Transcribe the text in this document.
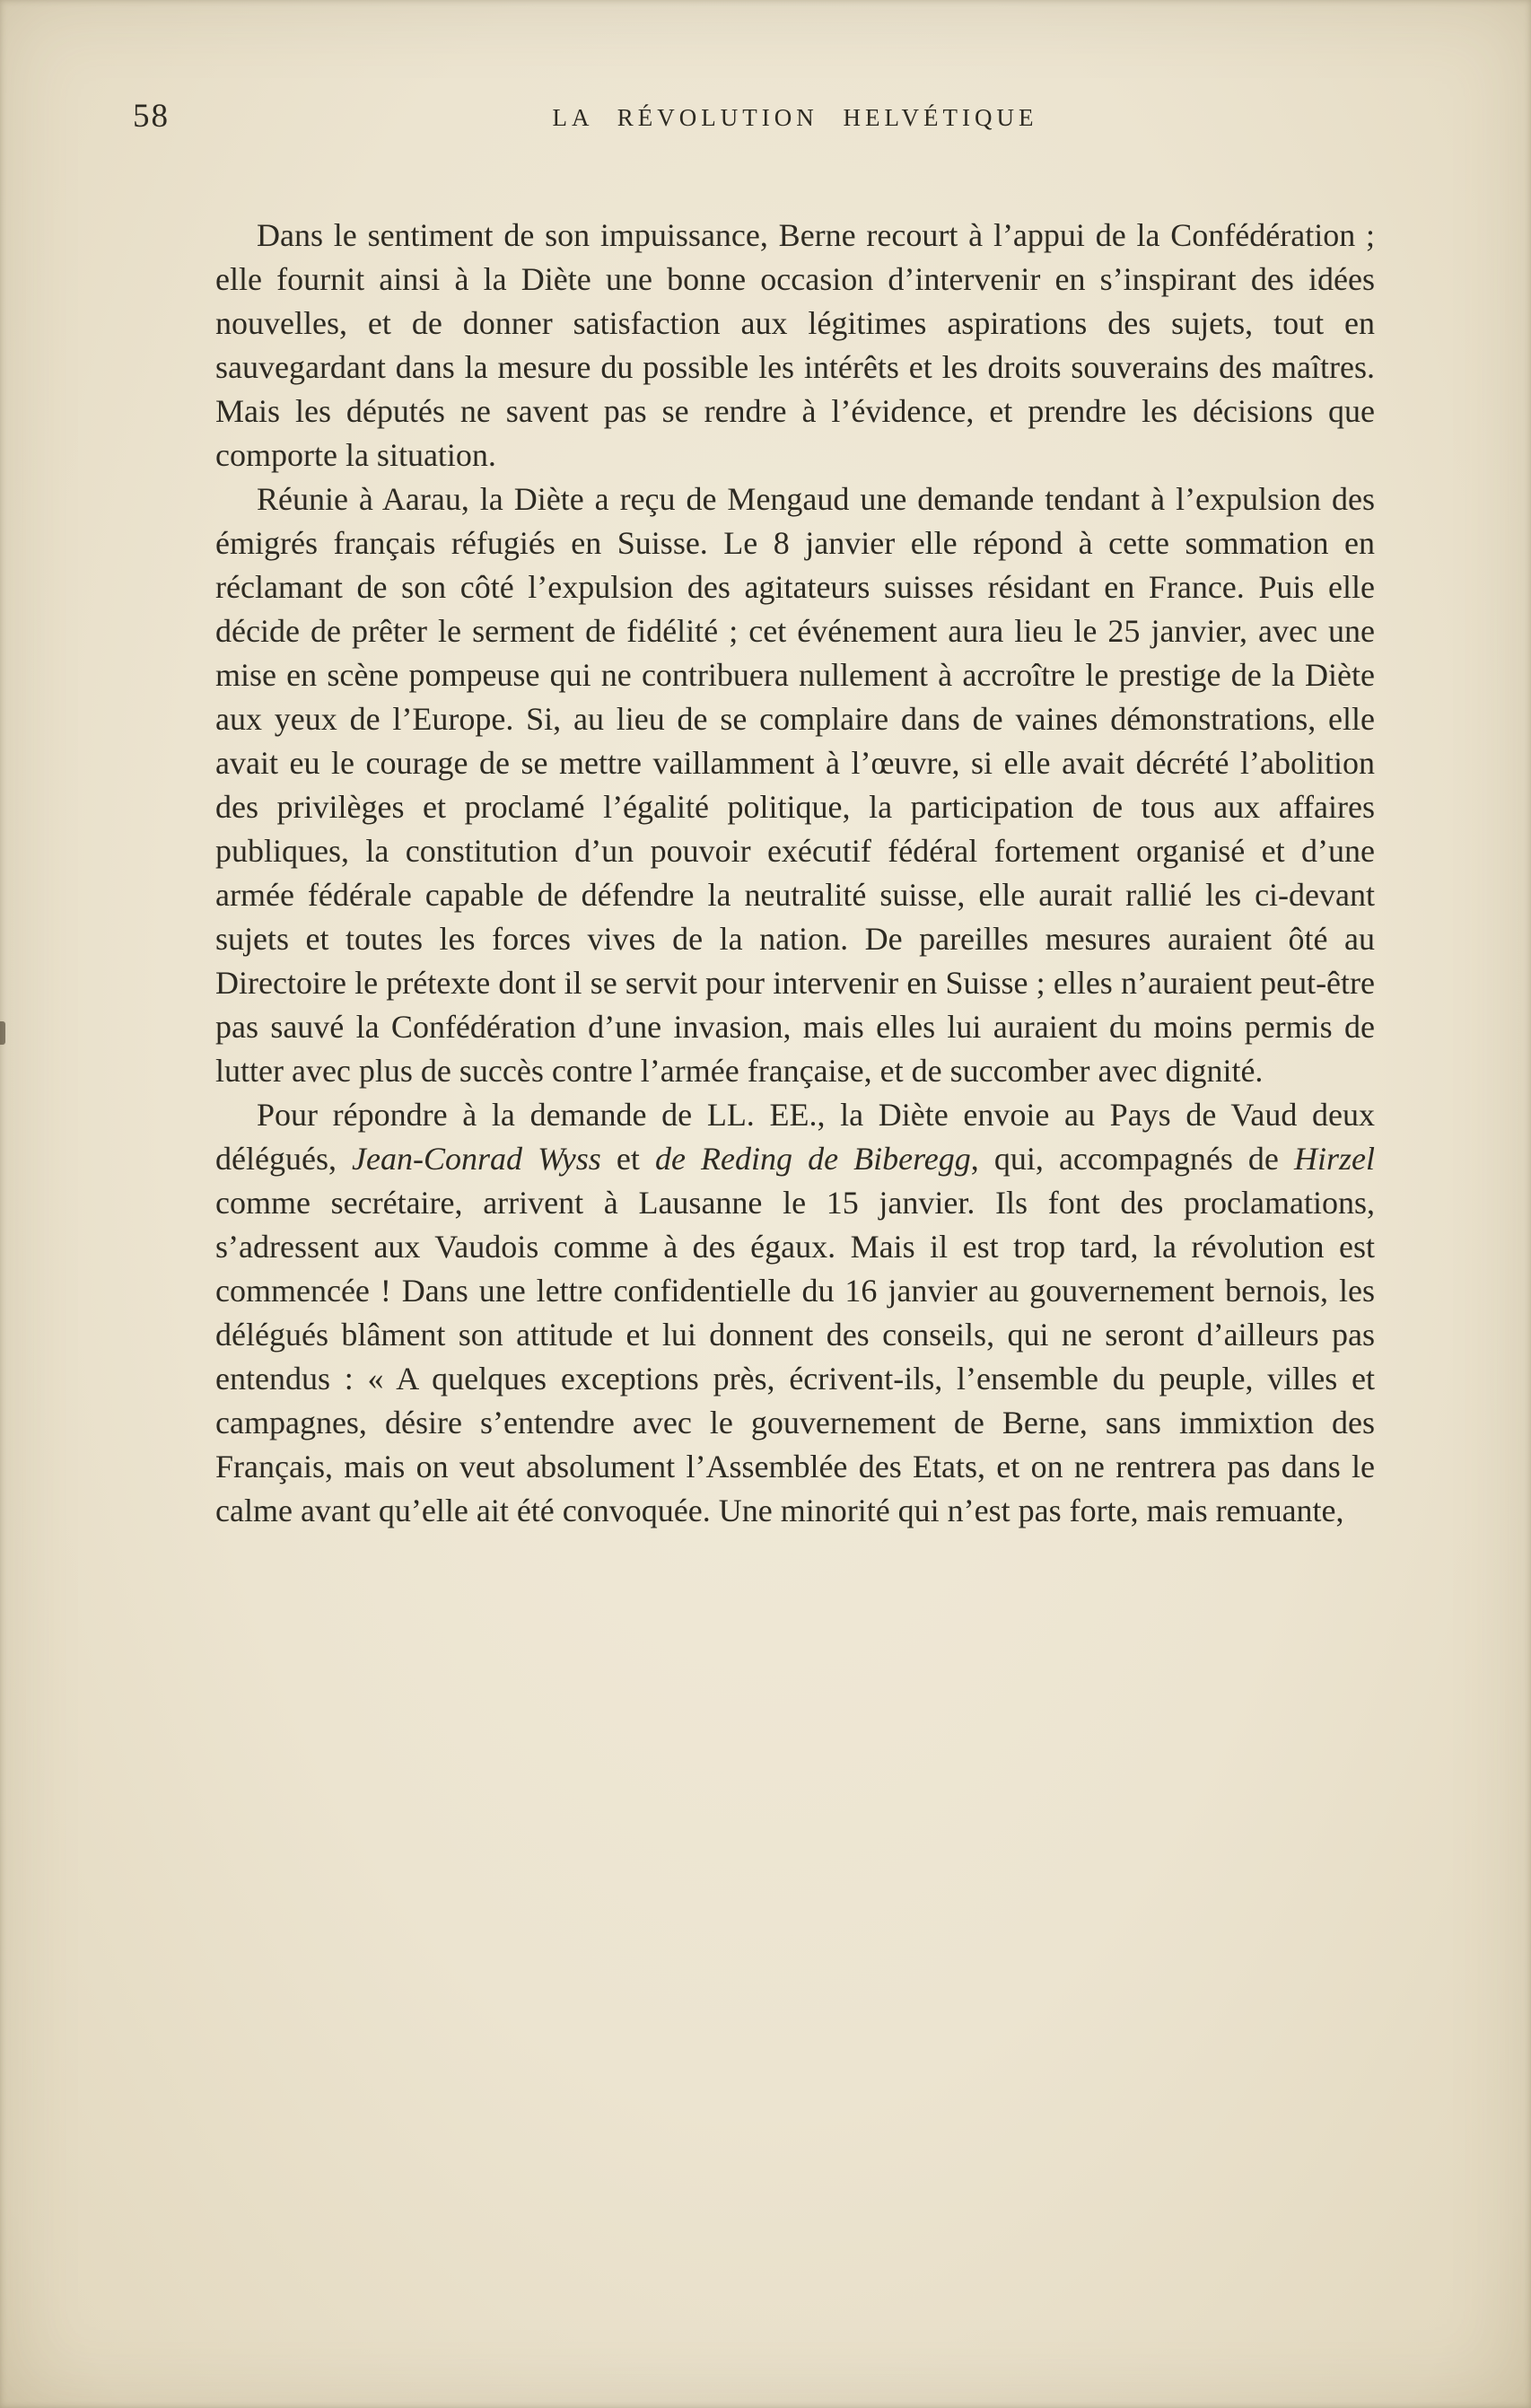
58	LA RÉVOLUTION HELVÉTIQUE

Dans le sentiment de son impuissance, Berne recourt à l’appui de la Confédération ; elle fournit ainsi à la Diète une bonne occasion d’intervenir en s’inspirant des idées nouvelles, et de donner satisfaction aux légitimes aspirations des sujets, tout en sauvegardant dans la mesure du possible les intérêts et les droits souverains des maîtres. Mais les députés ne savent pas se rendre à l’évidence, et prendre les décisions que comporte la situation.

Réunie à Aarau, la Diète a reçu de Mengaud une demande tendant à l’expulsion des émigrés français réfugiés en Suisse. Le 8 janvier elle répond à cette sommation en réclamant de son côté l’expulsion des agitateurs suisses résidant en France. Puis elle décide de prêter le serment de fidélité ; cet événement aura lieu le 25 janvier, avec une mise en scène pompeuse qui ne contribuera nullement à accroître le prestige de la Diète aux yeux de l’Europe. Si, au lieu de se complaire dans de vaines démonstrations, elle avait eu le courage de se mettre vaillamment à l’œuvre, si elle avait décrété l’abolition des privilèges et proclamé l’égalité politique, la participation de tous aux affaires publiques, la constitution d’un pouvoir exécutif fédéral fortement organisé et d’une armée fédérale capable de défendre la neutralité suisse, elle aurait rallié les ci-devant sujets et toutes les forces vives de la nation. De pareilles mesures auraient ôté au Directoire le prétexte dont il se servit pour intervenir en Suisse ; elles n’auraient peut-être pas sauvé la Confédération d’une invasion, mais elles lui auraient du moins permis de lutter avec plus de succès contre l’armée française, et de succomber avec dignité.

Pour répondre à la demande de LL. EE., la Diète envoie au Pays de Vaud deux délégués, Jean-Conrad Wyss et de Reding de Biberegg, qui, accompagnés de Hirzel comme secrétaire, arrivent à Lausanne le 15 janvier. Ils font des proclamations, s’adressent aux Vaudois comme à des égaux. Mais il est trop tard, la révolution est commencée ! Dans une lettre confidentielle du 16 janvier au gouvernement bernois, les délégués blâment son attitude et lui donnent des conseils, qui ne seront d’ailleurs pas entendus : « A quelques exceptions près, écrivent-ils, l’ensemble du peuple, villes et campagnes, désire s’entendre avec le gouvernement de Berne, sans immixtion des Français, mais on veut absolument l’Assemblée des Etats, et on ne rentrera pas dans le calme avant qu’elle ait été convoquée. Une minorité qui n’est pas forte, mais remuante,
